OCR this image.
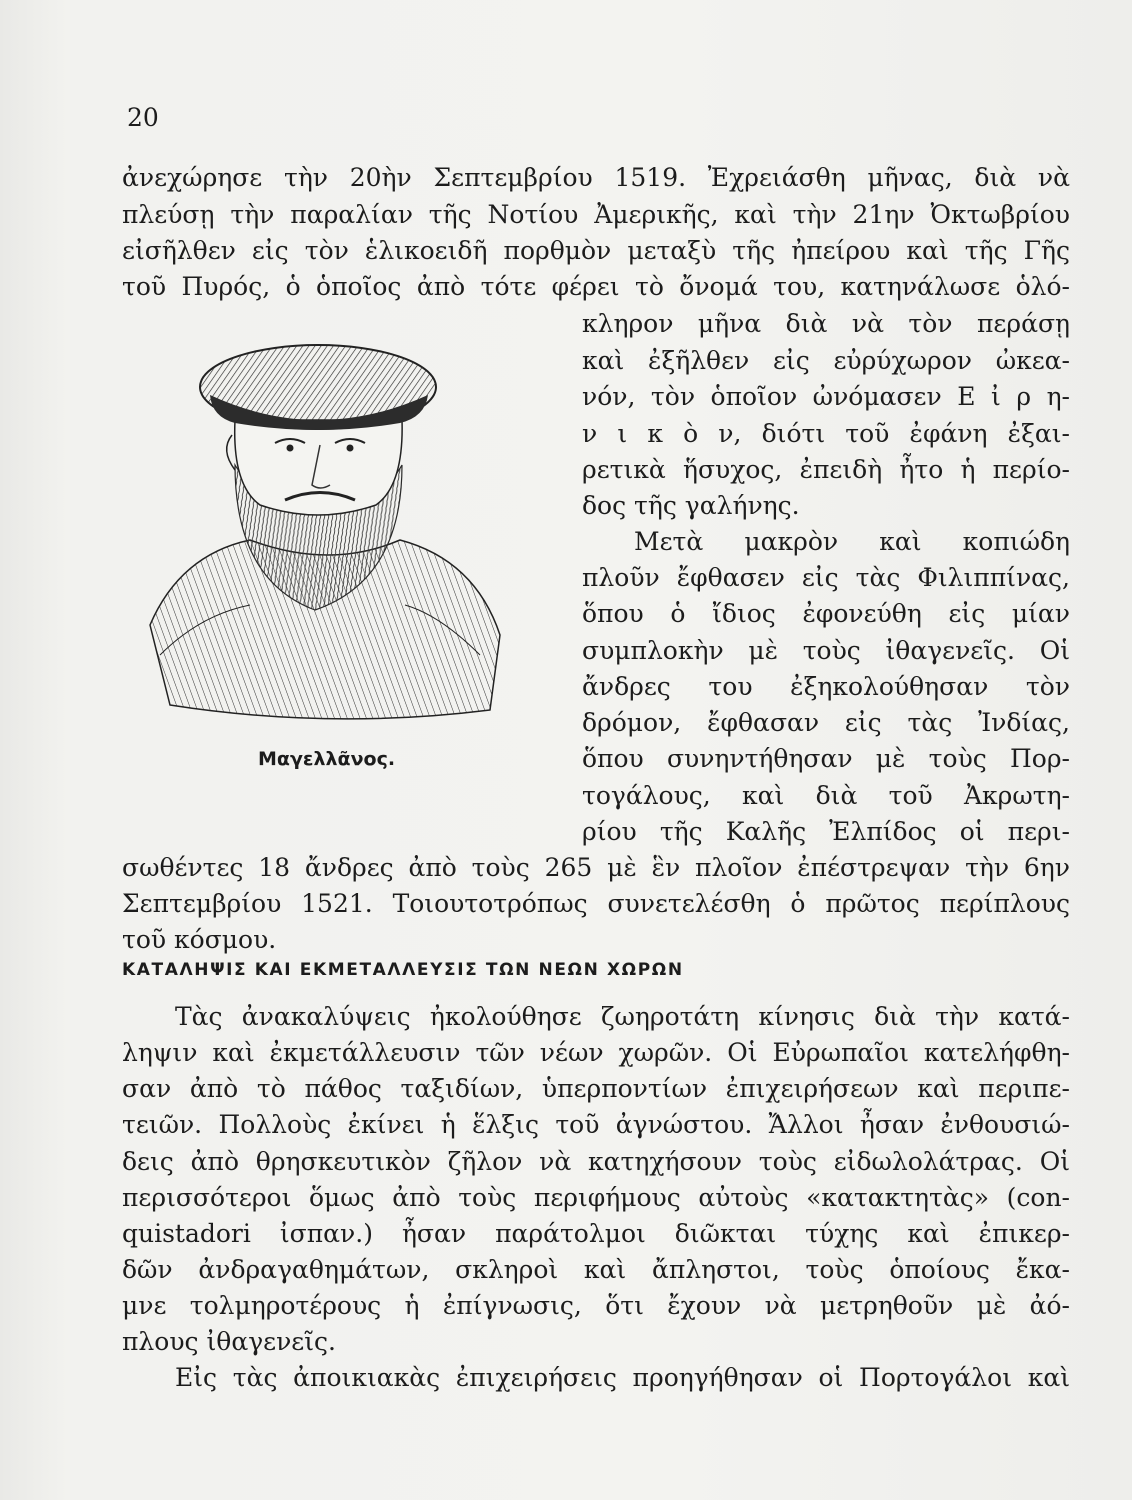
20
ἀνεχώρησε τὴν 20ὴν Σεπτεμβρίου 1519. Ἐχρειάσθη μῆνας, διὰ νὰ
πλεύσῃ τὴν παραλίαν τῆς Νοτίου Ἀμερικῆς, καὶ τὴν 21ην Ὀκτωβρίου
εἰσῆλθεν εἰς τὸν ἑλικοειδῆ πορθμὸν μεταξὺ τῆς ἠπείρου καὶ τῆς Γῆς
τοῦ Πυρός, ὁ ὁποῖος ἀπὸ τότε φέρει τὸ ὄνομά του, κατηνάλωσε ὁλό-
Μαγελλᾶνος.
κληρον μῆνα διὰ νὰ τὸν περάσῃ
καὶ ἐξῆλθεν εἰς εὐρύχωρον ὠκεα-
νόν, τὸν ὁποῖον ὠνόμασεν Ε ἰ ρ η-
ν ι κ ὸ ν, διότι τοῦ ἐφάνη ἐξαι-
ρετικὰ ἥσυχος, ἐπειδὴ ἦτο ἡ περίο-
δος τῆς γαλήνης.
Μετὰ μακρὸν καὶ κοπιώδη
πλοῦν ἔφθασεν εἰς τὰς Φιλιππίνας,
ὅπου ὁ ἴδιος ἐφονεύθη εἰς μίαν
συμπλοκὴν μὲ τοὺς ἰθαγενεῖς. Οἱ
ἄνδρες του ἐξηκολούθησαν τὸν
δρόμον, ἔφθασαν εἰς τὰς Ἰνδίας,
ὅπου συνηντήθησαν μὲ τοὺς Πορ-
τογάλους, καὶ διὰ τοῦ Ἀκρωτη-
ρίου τῆς Καλῆς Ἐλπίδος οἱ περι-
σωθέντες 18 ἄνδρες ἀπὸ τοὺς 265 μὲ ἓν πλοῖον ἐπέστρεψαν τὴν 6ην
Σεπτεμβρίου 1521. Τοιουτοτρόπως συνετελέσθη ὁ πρῶτος περίπλους
τοῦ κόσμου.
ΚΑΤΑΛΗΨΙΣ ΚΑΙ ΕΚΜΕΤΑΛΛΕΥΣΙΣ ΤΩΝ ΝΕΩΝ ΧΩΡΩΝ
Τὰς ἀνακαλύψεις ἠκολούθησε ζωηροτάτη κίνησις διὰ τὴν κατά-
ληψιν καὶ ἐκμετάλλευσιν τῶν νέων χωρῶν. Οἱ Εὐρωπαῖοι κατελήφθη-
σαν ἀπὸ τὸ πάθος ταξιδίων, ὑπερποντίων ἐπιχειρήσεων καὶ περιπε-
τειῶν. Πολλοὺς ἐκίνει ἡ ἕλξις τοῦ ἀγνώστου. Ἄλλοι ἦσαν ἐνθουσιώ-
δεις ἀπὸ θρησκευτικὸν ζῆλον νὰ κατηχήσουν τοὺς εἰδωλολάτρας. Οἱ
περισσότεροι ὅμως ἀπὸ τοὺς περιφήμους αὐτοὺς «κατακτητὰς» (con-
quistadori ἰσπαν.) ἦσαν παράτολμοι διῶκται τύχης καὶ ἐπικερ-
δῶν ἀνδραγαθημάτων, σκληροὶ καὶ ἄπληστοι, τοὺς ὁποίους ἔκα-
μνε τολμηροτέρους ἡ ἐπίγνωσις, ὅτι ἔχουν νὰ μετρηθοῦν μὲ ἀό-
πλους ἰθαγενεῖς.
Εἰς τὰς ἀποικιακὰς ἐπιχειρήσεις προηγήθησαν οἱ Πορτογάλοι καὶ
